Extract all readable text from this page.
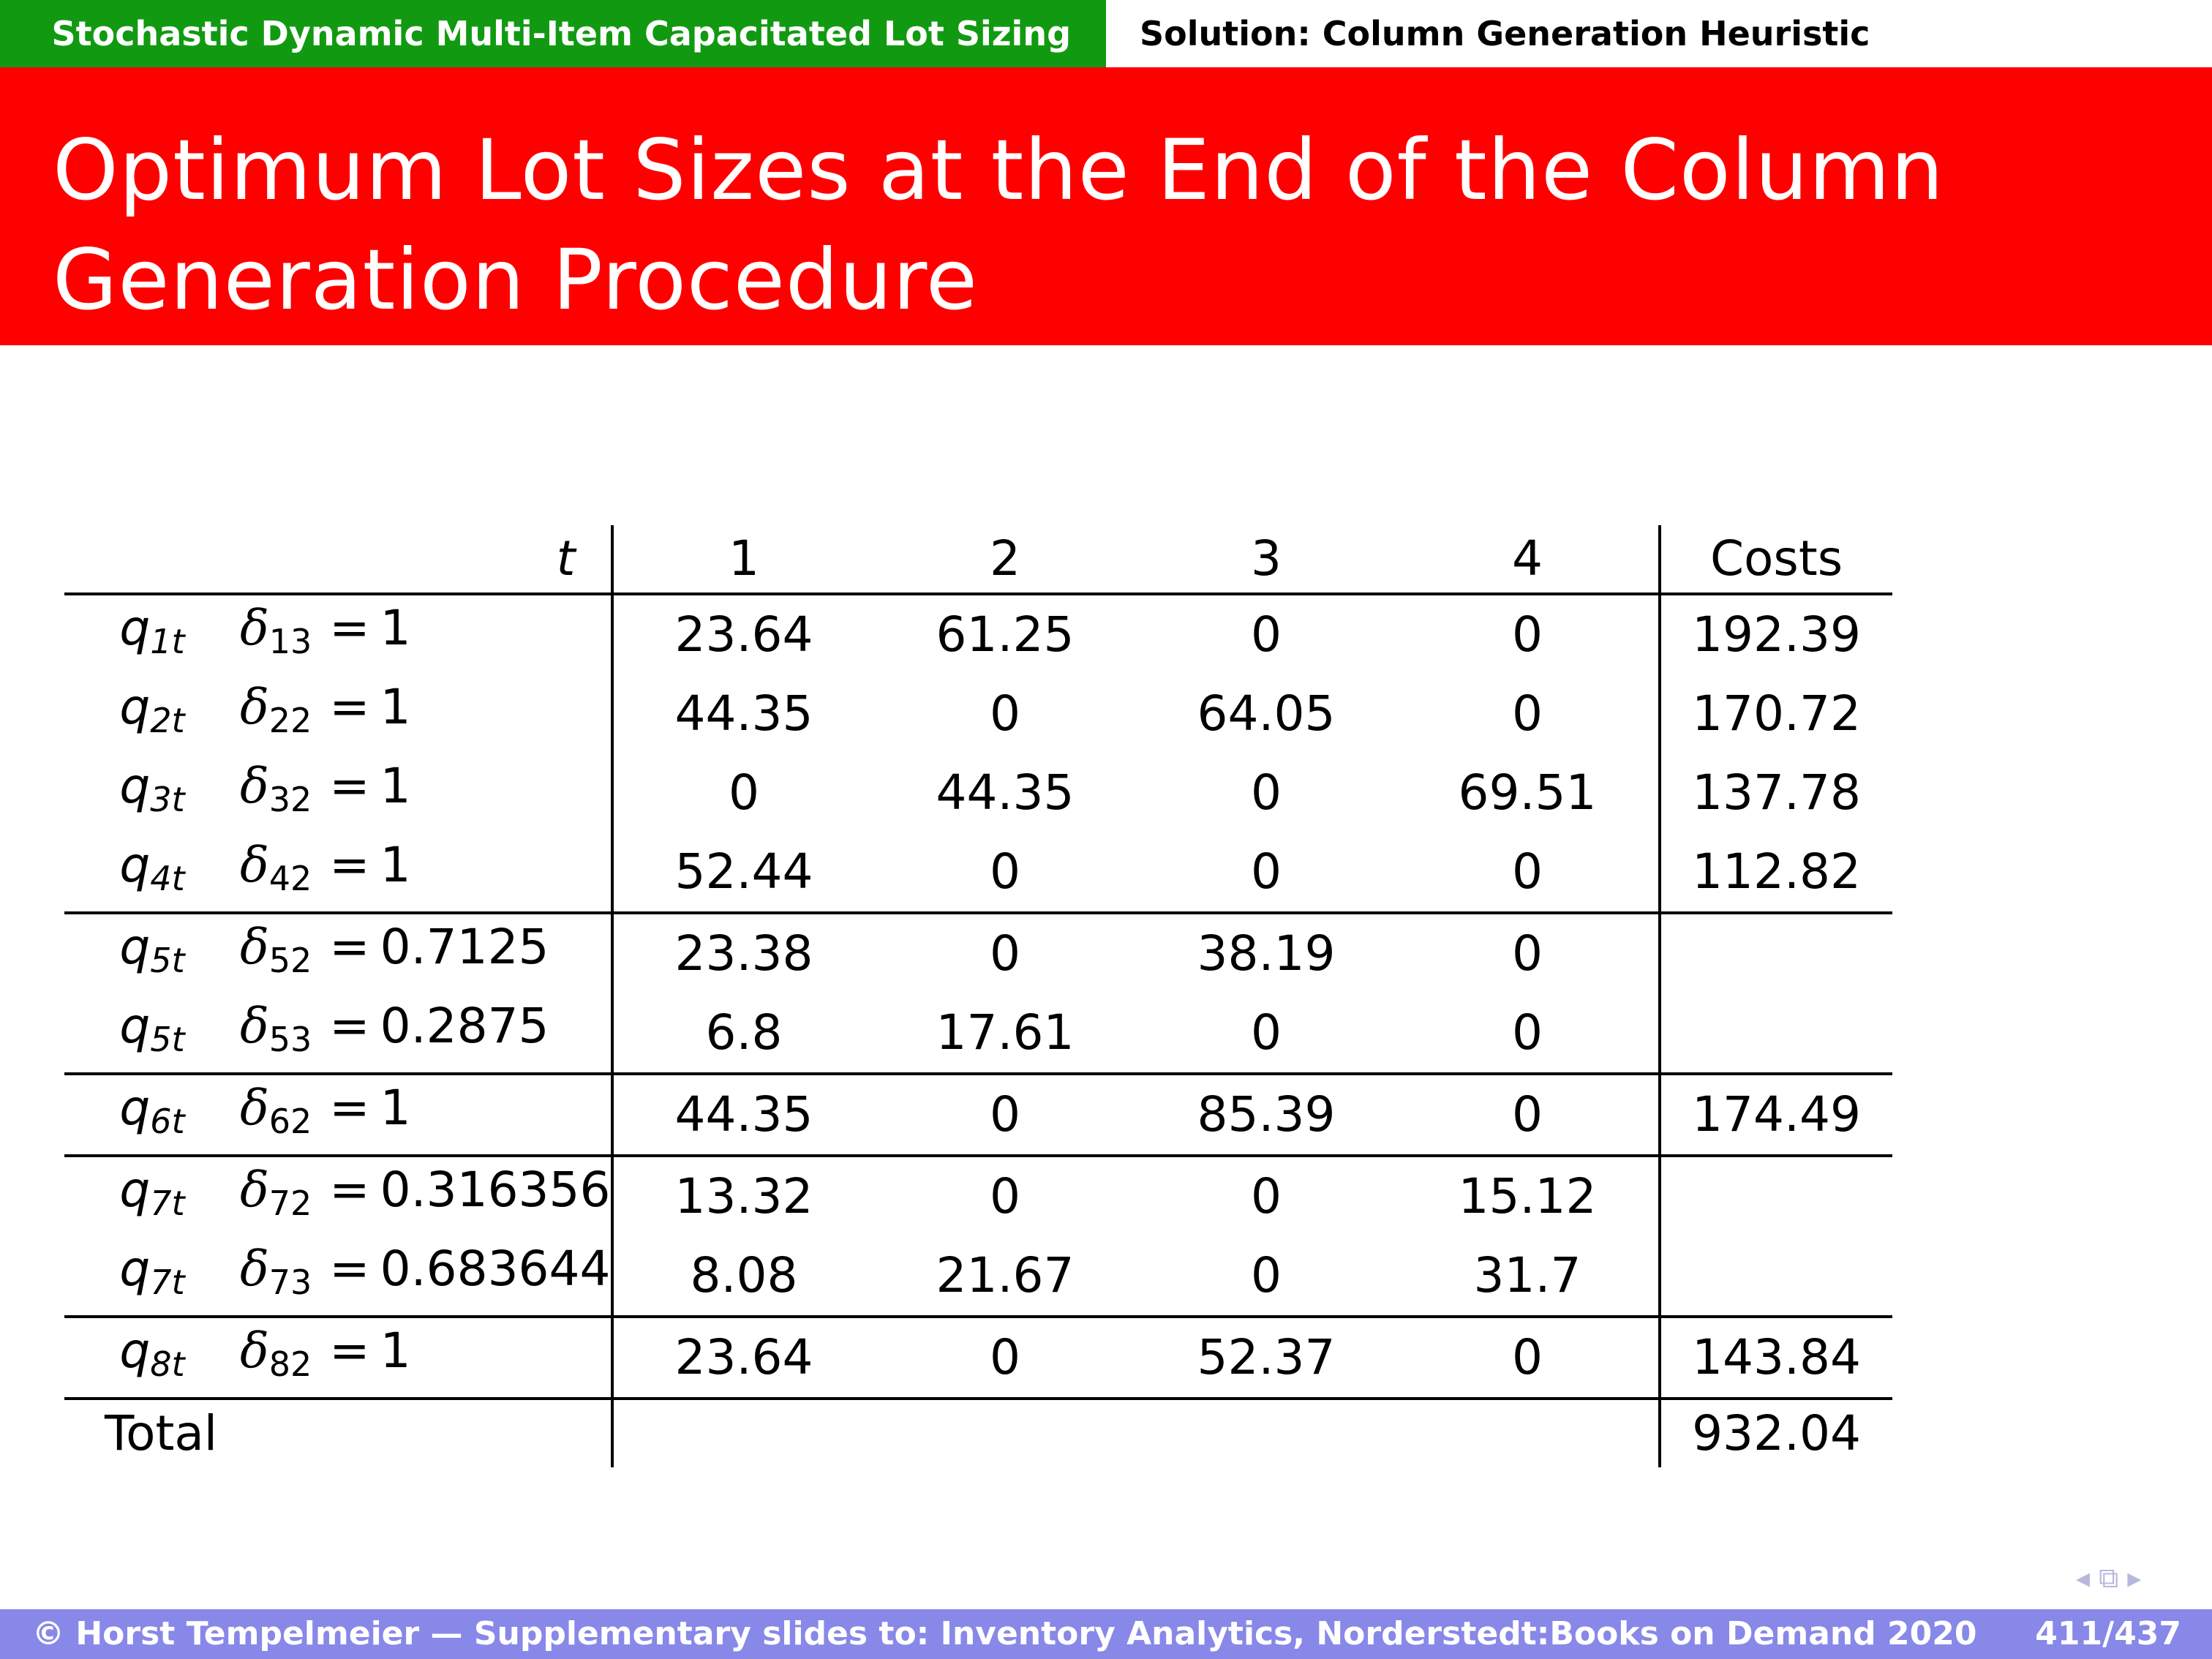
Stochastic Dynamic Multi-Item Capacitated Lot Sizing	Solution: Column Generation Heuristic
Optimum Lot Sizes at the End of the Column Generation Procedure
	t	1	2	3	4	Costs
q1t	$\delta_{13} = 1$	23.64	61.25	0	0	192.39
q2t	$\delta_{22} = 1$	44.35	0	64.05	0	170.72
q3t	$\delta_{32} = 1$	0	44.35	0	69.51	137.78
q4t	$\delta_{42} = 1$	52.44	0	0	0	112.82
q5t	$\delta_{52} = 0.7125$	23.38	0	38.19	0	
q5t	$\delta_{53} = 0.2875$	6.8	17.61	0	0	
q6t	$\delta_{62} = 1$	44.35	0	85.39	0	174.49
q7t	$\delta_{72} = 0.316356$	13.32	0	0	15.12	
q7t	$\delta_{73} = 0.683644$	8.08	21.67	0	31.7	
q8t	$\delta_{82} = 1$	23.64	0	52.37	0	143.84
Total						932.04
◂ ⧉ ▸
© Horst Tempelmeier — Supplementary slides to: Inventory Analytics, Norderstedt:Books on Demand 2020 411/437
